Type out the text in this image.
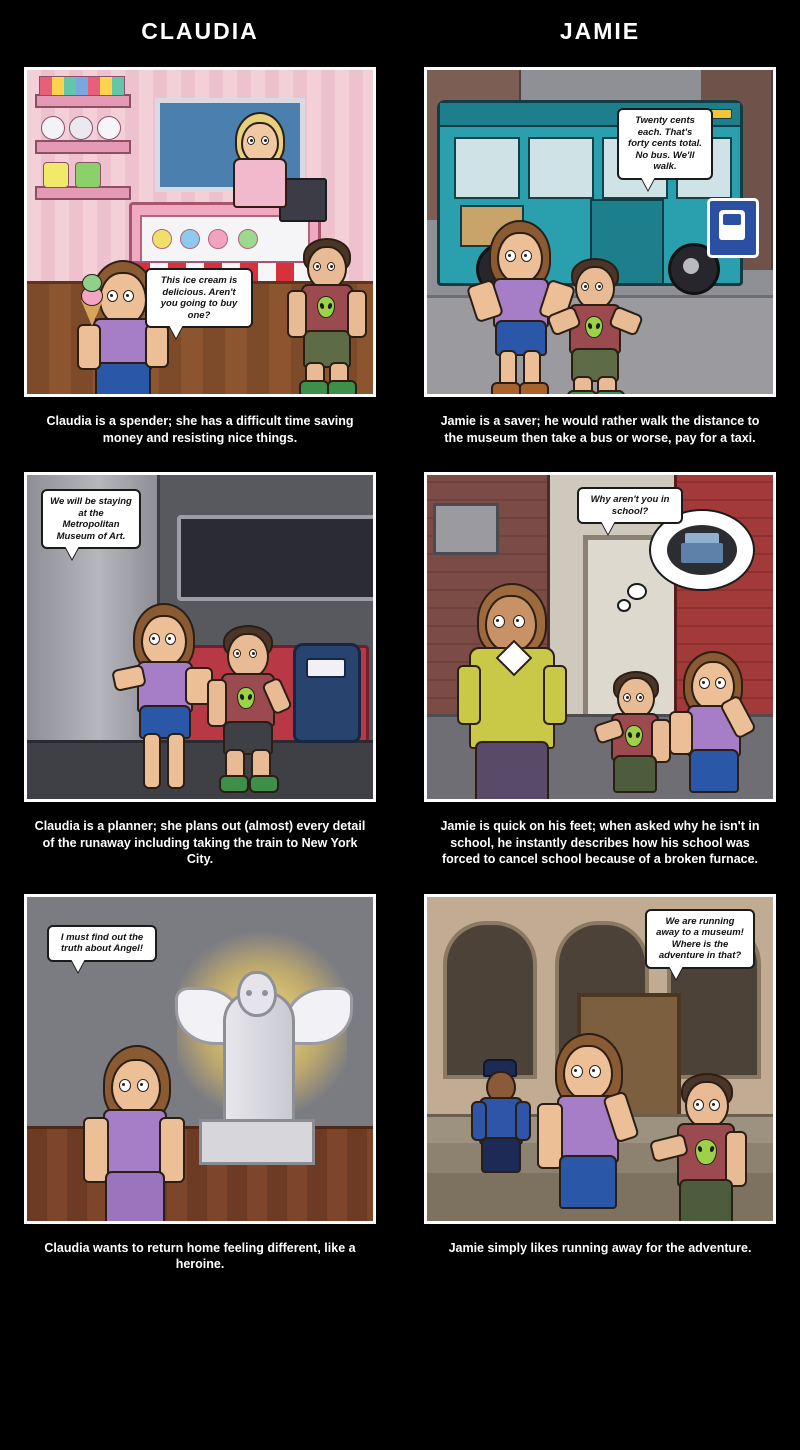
CLAUDIA	JAMIE
This ice cream is delicious. Aren't you going to buy one?
Claudia is a spender; she has a difficult time saving money and resisting nice things.
Twenty cents each. That's forty cents total. No bus. We'll walk.
Jamie is a saver; he would rather walk the distance to the museum then take a bus or worse, pay for a taxi.
We will be staying at the Metropolitan Museum of Art.
Claudia is a planner; she plans out (almost) every detail of the runaway including taking the train to New York City.
Why aren't you in school?
Jamie is quick on his feet; when asked why he isn't in school, he instantly describes how his school was forced to cancel school because of a broken furnace.
I must find out the truth about Angel!
Claudia wants to return home feeling different, like a heroine.
We are running away to a museum! Where is the adventure in that?
Jamie simply likes running away for the adventure.
